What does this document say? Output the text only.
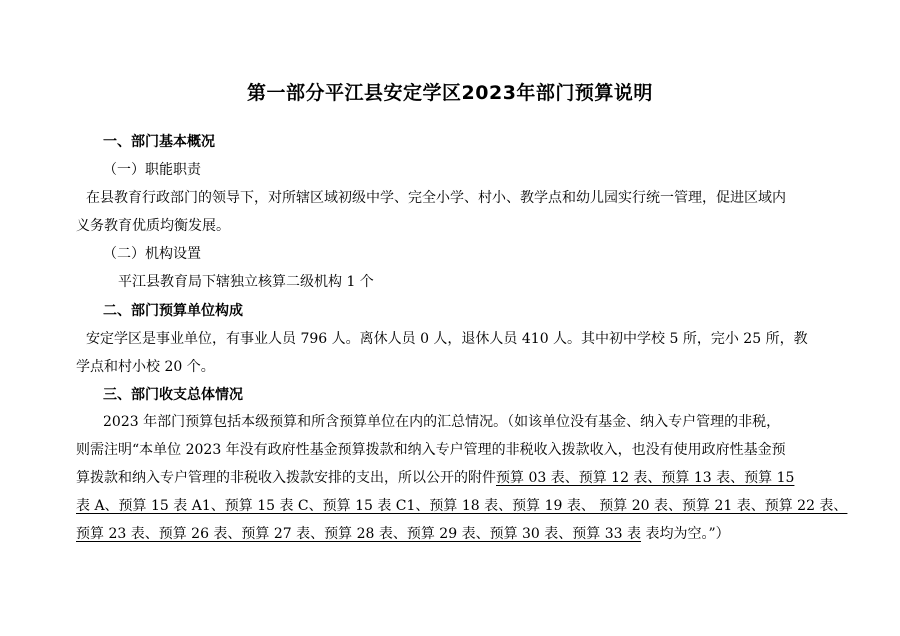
第一部分平江县安定学区2023年部门预算说明
一、部门基本概况
（一）职能职责
在县教育行政部门的领导下，对所辖区域初级中学、完全小学、村小、教学点和幼儿园实行统一管理，促进区域内
义务教育优质均衡发展。
（二）机构设置
平江县教育局下辖独立核算二级机构 1 个
二、部门预算单位构成
安定学区是事业单位，有事业人员 796 人。离休人员 0 人，退休人员 410 人。其中初中学校 5 所，完小 25 所，教
学点和村小校 20 个。
三、部门收支总体情况
2023 年部门预算包括本级预算和所含预算单位在内的汇总情况。（如该单位没有基金、纳入专户管理的非税，
则需注明“本单位 2023 年没有政府性基金预算拨款和纳入专户管理的非税收入拨款收入，也没有使用政府性基金预
算拨款和纳入专户管理的非税收入拨款安排的支出，所以公开的附件预算 03 表、预算 12 表、预算 13 表、预算 15
表 A、预算 15 表 A1、预算 15 表 C、预算 15 表 C1、预算 18 表、预算 19 表、 预算 20 表、预算 21 表、预算 22 表、
预算 23 表、预算 26 表、预算 27 表、预算 28 表、预算 29 表、预算 30 表、预算 33 表 表均为空。”）
